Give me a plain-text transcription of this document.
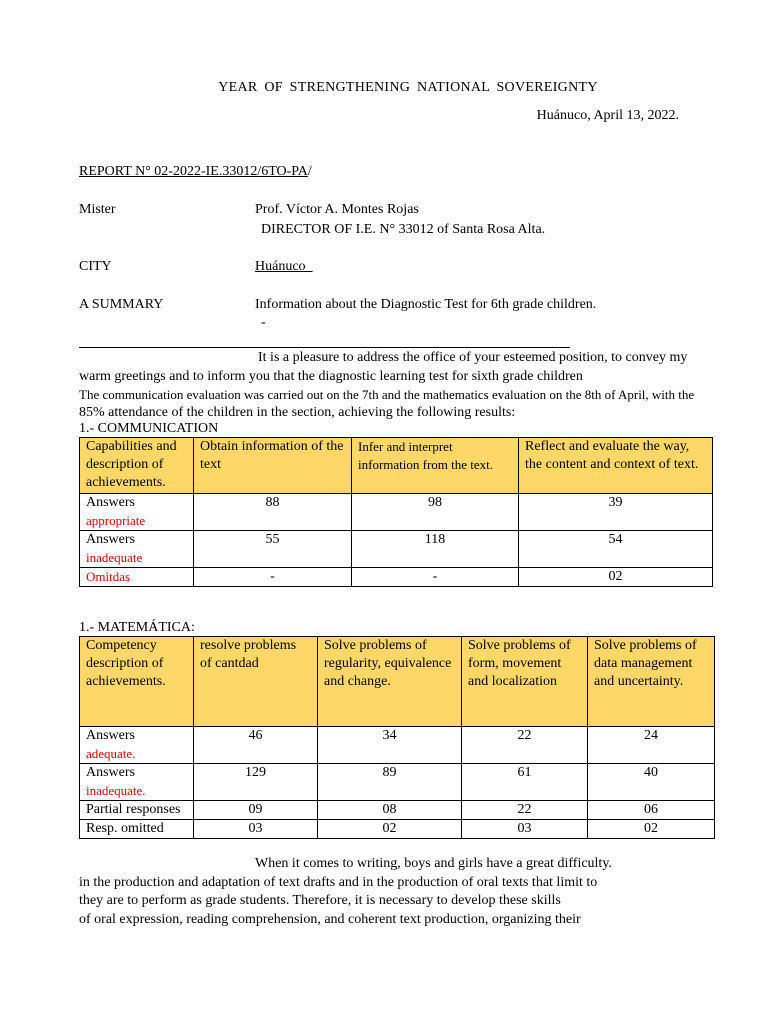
YEAR OF STRENGTHENING NATIONAL SOVEREIGNTY
Huánuco, April 13, 2022.
REPORT N° 02-2022-IE.33012/6TO-PA/
Mister	Prof. Víctor A. Montes Rojas
DIRECTOR OF I.E. N° 33012 of Santa Rosa Alta.
CITY	Huánuco
A SUMMARY	Information about the Diagnostic Test for 6th grade children.
-
It is a pleasure to address the office of your esteemed position, to convey my
warm greetings and to inform you that the diagnostic learning test for sixth grade children
The communication evaluation was carried out on the 7th and the mathematics evaluation on the 8th of April, with the
85% attendance of the children in the section, achieving the following results:
1.- COMMUNICATION
Capabilities and description of achievements.	Obtain information of the text	Infer and interpret information from the text.	Reflect and evaluate the way, the content and context of text.

Answers
appropriate	88	98	39

Answers
inadequate	55	118	54
Omitdas	-	-	02
1.- MATEMÁTICA:
Competency description of achievements.	resolve problems of cantdad	Solve problems of regularity, equivalence and change.	Solve problems of form, movement and localization	Solve problems of data management and uncertainty.

Answers
adequate.	46	34	22	24

Answers
inadequate.	129	89	61	40
Partial responses	09	08	22	06
Resp. omitted	03	02	03	02
When it comes to writing, boys and girls have a great difficulty.
in the production and adaptation of text drafts and in the production of oral texts that limit to
they are to perform as grade students. Therefore, it is necessary to develop these skills
of oral expression, reading comprehension, and coherent text production, organizing their
